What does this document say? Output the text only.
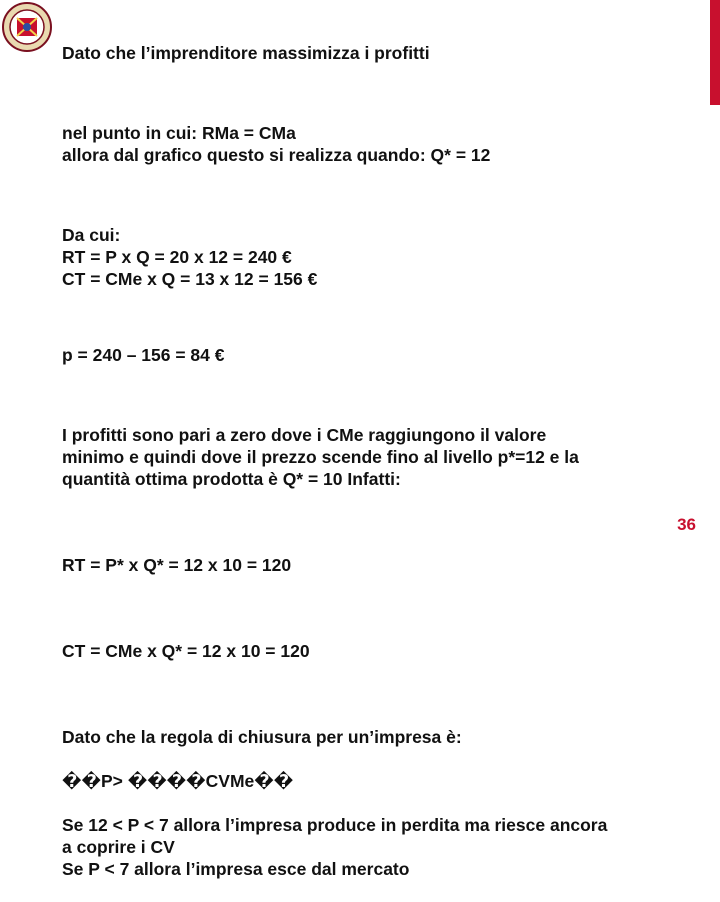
Dato che l’imprenditore massimizza i profitti

nel punto in cui: RMa = CMa
allora dal grafico questo si realizza quando: Q* = 12

Da cui:
RT = P x Q = 20 x 12 = 240 €
CT = CMe x Q = 13 x 12 = 156 €

p = 240 – 156 = 84 €

I profitti sono pari a zero dove i CMe raggiungono il valore
minimo e quindi dove il prezzo scende fino al livello p*=12 e la
quantità ottima prodotta è Q* = 10 Infatti:

RT = P* x Q* = 12 x 10 = 120

CT = CMe x Q* = 12 x 10 = 120

Dato che la regola di chiusura per un’impresa è:

��P> ����CVMe��

Se 12 < P < 7 allora l’impresa produce in perdita ma riesce ancora
a coprire i CV
Se P < 7 allora l’impresa esce dal mercato

36
